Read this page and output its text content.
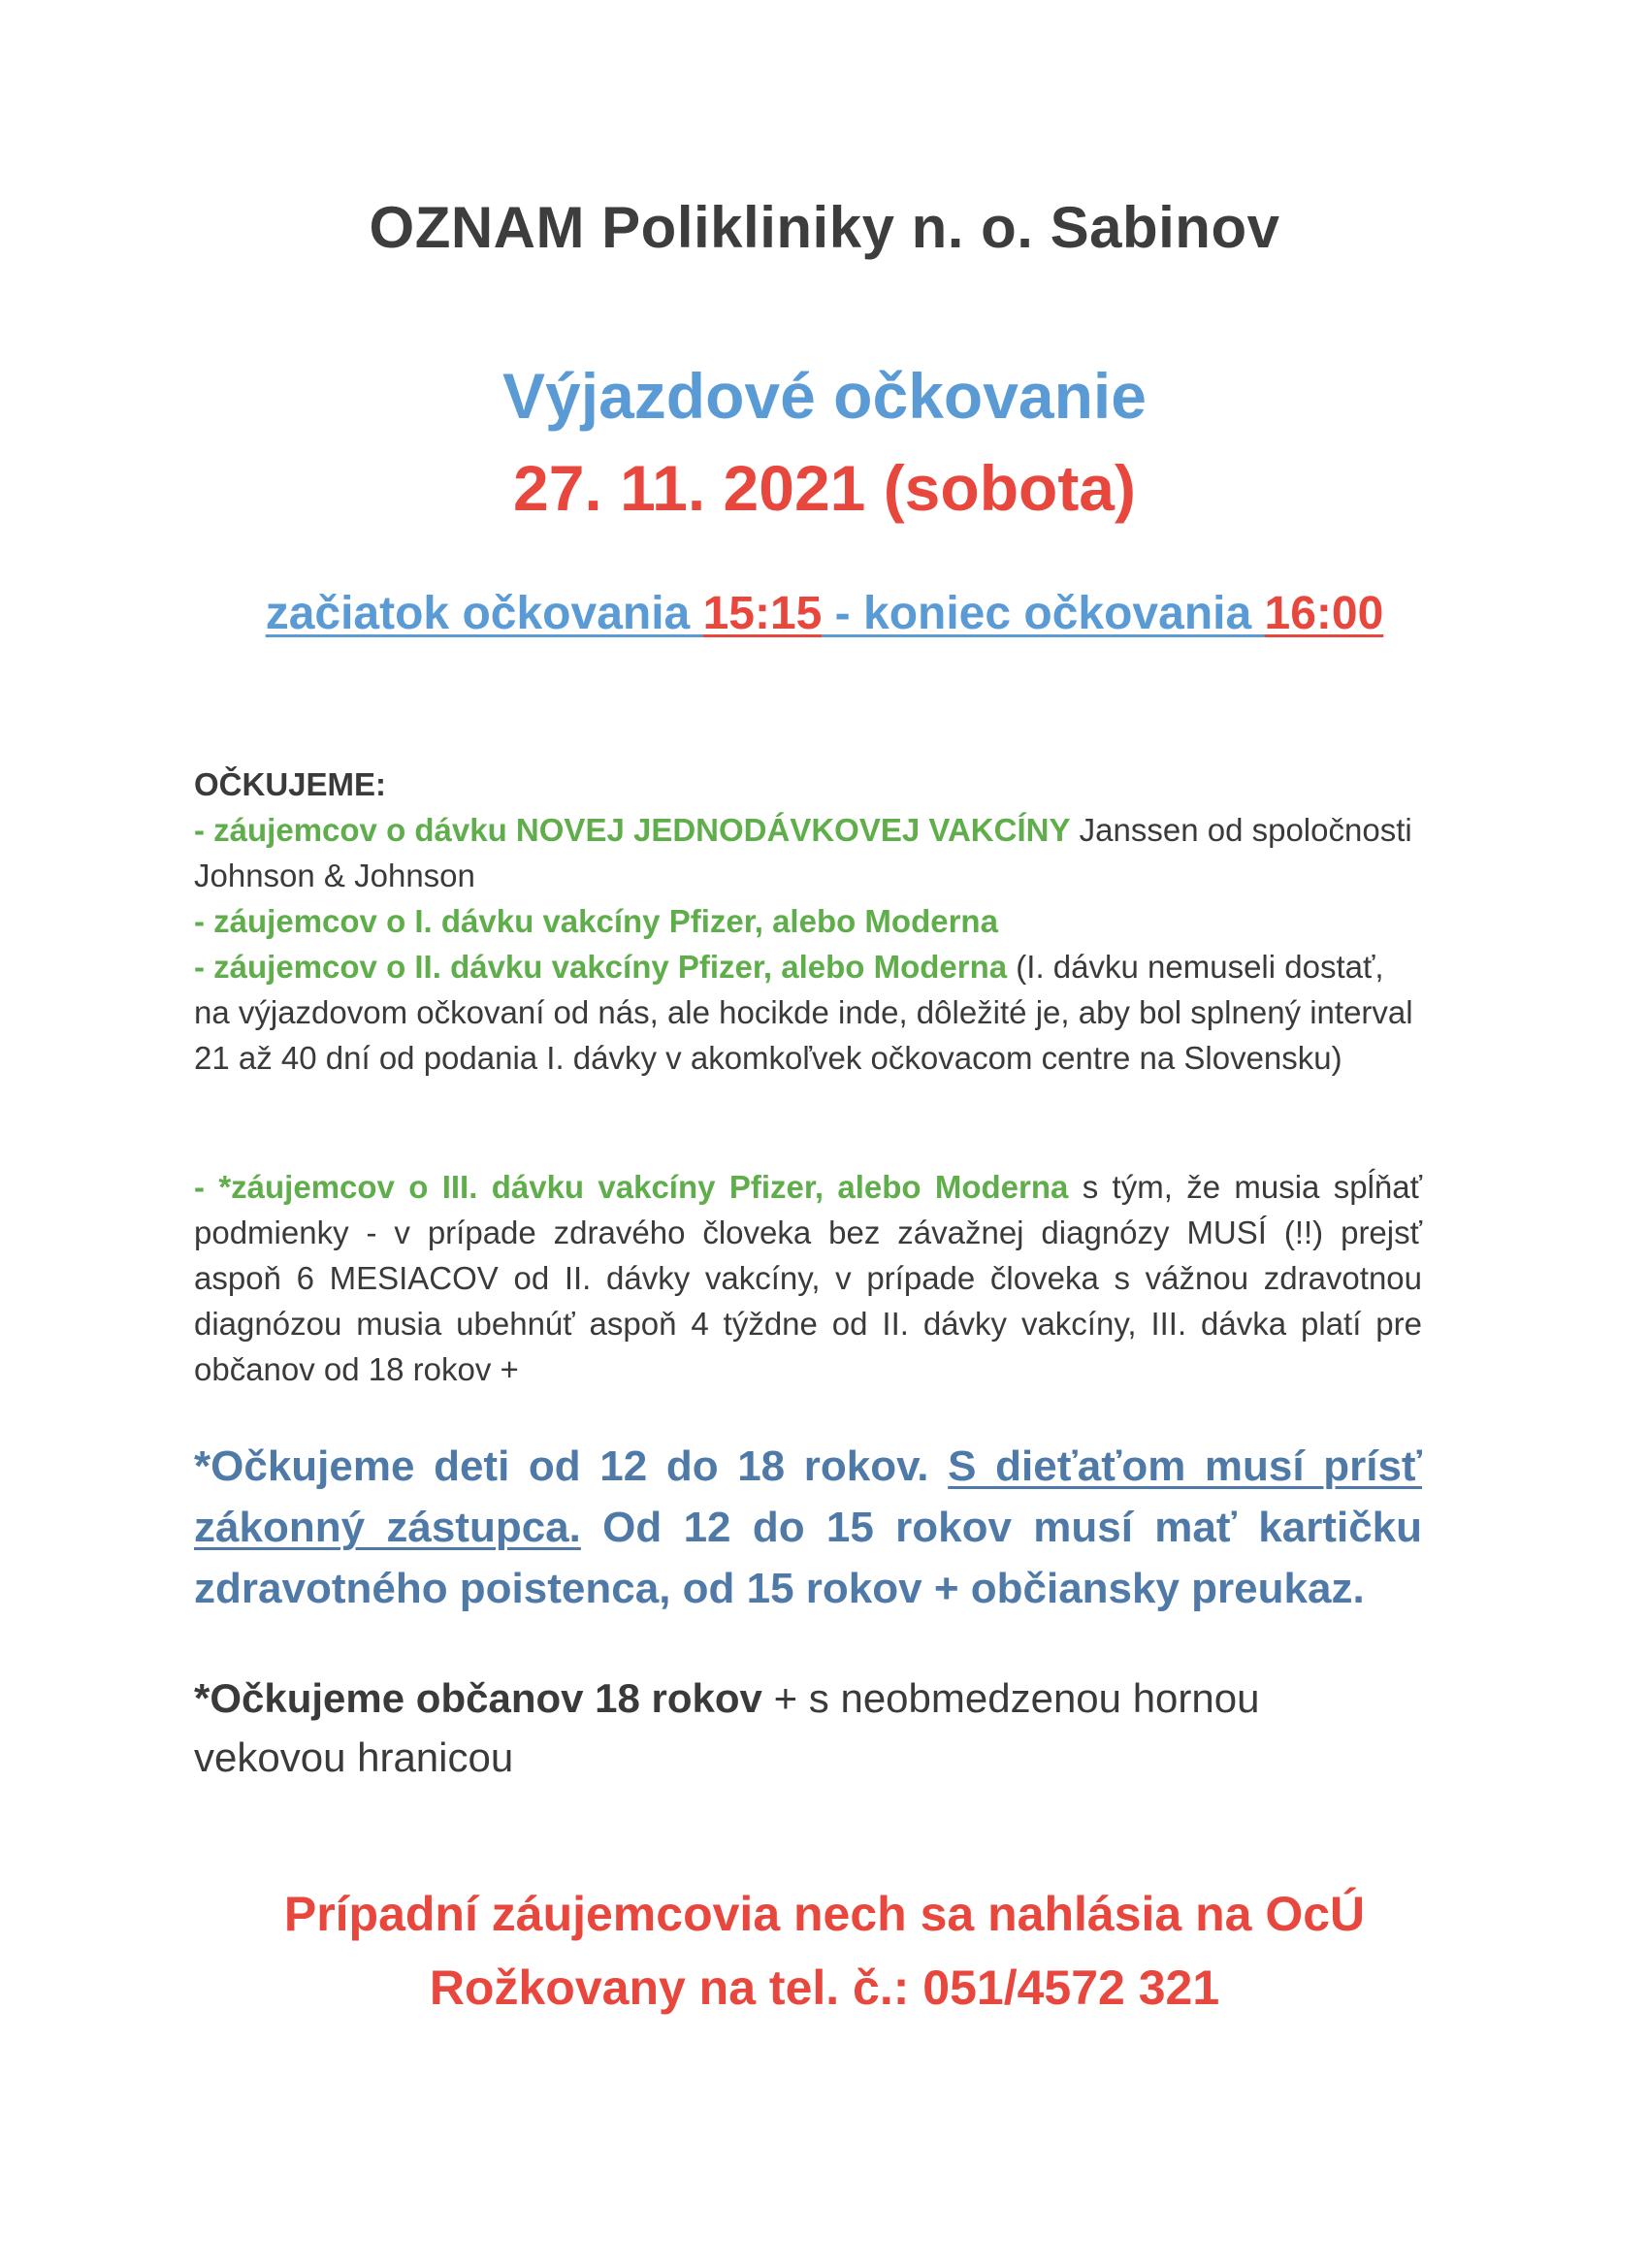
OZNAM Polikliniky n. o. Sabinov
Výjazdové očkovanie
27. 11. 2021 (sobota)
začiatok očkovania 15:15 - koniec očkovania 16:00
OČKUJEME:
- záujemcov o dávku NOVEJ JEDNODÁVKOVEJ VAKCÍNY Janssen od spoločnosti Johnson & Johnson
- záujemcov o I. dávku vakcíny Pfizer, alebo Moderna
- záujemcov o II. dávku vakcíny Pfizer, alebo Moderna (I. dávku nemuseli dostať, na výjazdovom očkovaní od nás, ale hocikde inde, dôležité je, aby bol splnený interval 21 až 40 dní od podania I. dávky v akomkoľvek očkovacom centre na Slovensku)
- *záujemcov o III. dávku vakcíny Pfizer, alebo Moderna s tým, že musia spĺňať podmienky - v prípade zdravého človeka bez závažnej diagnózy MUSÍ (!!) prejsť aspoň 6 MESIACOV od II. dávky vakcíny, v prípade človeka s vážnou zdravotnou diagnózou musia ubehnúť aspoň 4 týždne od II. dávky vakcíny, III. dávka platí pre občanov od 18 rokov +
*Očkujeme deti od 12 do 18 rokov. S dieťaťom musí prísť zákonný zástupca. Od 12 do 15 rokov musí mať kartičku zdravotného poistenca, od 15 rokov + občiansky preukaz.
*Očkujeme občanov 18 rokov + s neobmedzenou hornou vekovou hranicou
Prípadní záujemcovia nech sa nahlásia na OcÚ
Rožkovany na tel. č.: 051/4572 321
